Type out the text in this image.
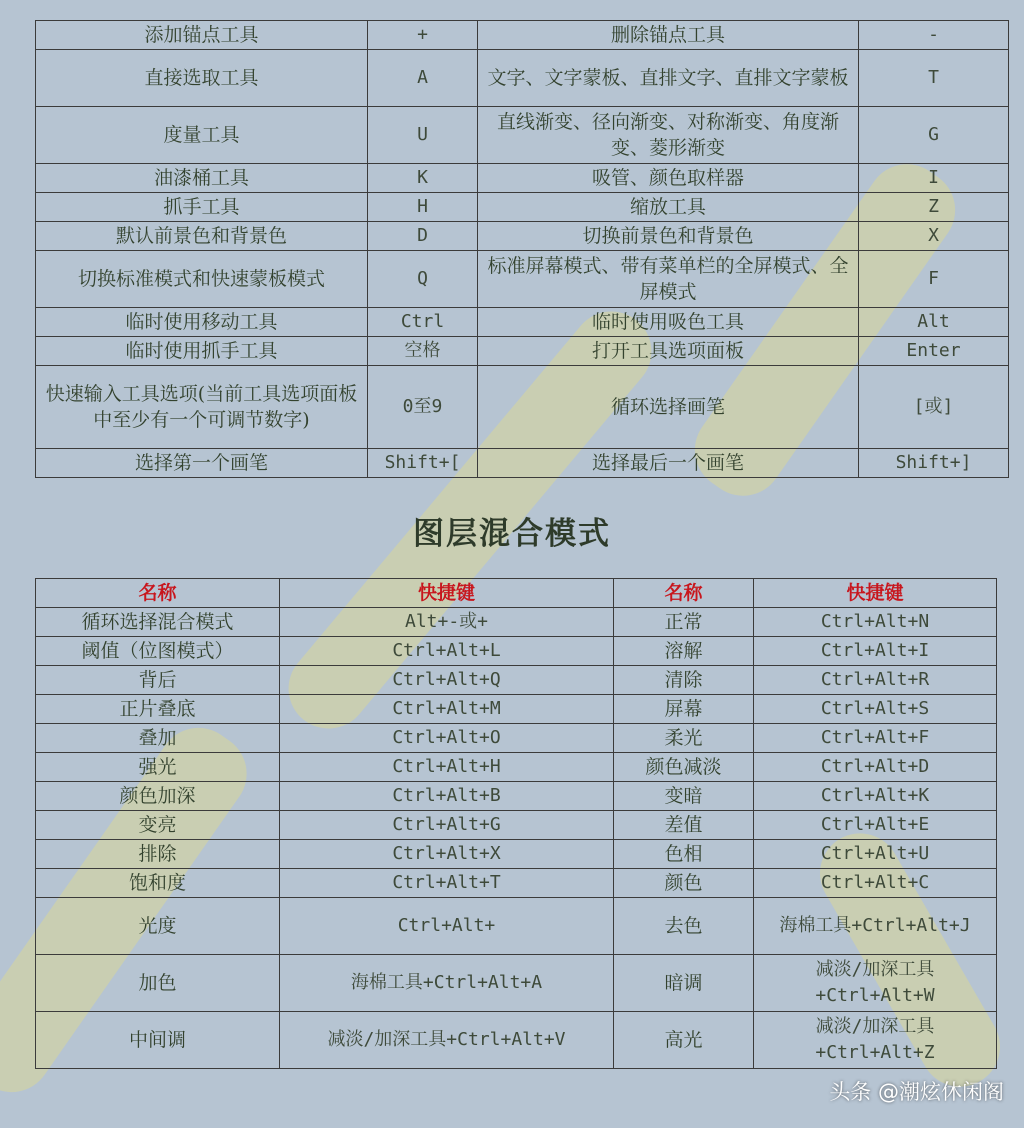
添加锚点工具	+	删除锚点工具	-
直接选取工具	A	文字、文字蒙板、直排文字、直排文字蒙板	T
度量工具	U	直线渐变、径向渐变、对称渐变、角度渐变、菱形渐变	G
油漆桶工具	K	吸管、颜色取样器	I
抓手工具	H	缩放工具	Z
默认前景色和背景色	D	切换前景色和背景色	X
切换标准模式和快速蒙板模式	Q	标准屏幕模式、带有菜单栏的全屏模式、全屏模式	F
临时使用移动工具	Ctrl	临时使用吸色工具	Alt
临时使用抓手工具	空格	打开工具选项面板	Enter
快速输入工具选项(当前工具选项面板中至少有一个可调节数字)	0至9	循环选择画笔	[或]
选择第一个画笔	Shift+[	选择最后一个画笔	Shift+]
图层混合模式
名称	快捷键	名称	快捷键
循环选择混合模式	Alt+-或+	正常	Ctrl+Alt+N
阈值（位图模式）	Ctrl+Alt+L	溶解	Ctrl+Alt+I
背后	Ctrl+Alt+Q	清除	Ctrl+Alt+R
正片叠底	Ctrl+Alt+M	屏幕	Ctrl+Alt+S
叠加	Ctrl+Alt+O	柔光	Ctrl+Alt+F
强光	Ctrl+Alt+H	颜色减淡	Ctrl+Alt+D
颜色加深	Ctrl+Alt+B	变暗	Ctrl+Alt+K
变亮	Ctrl+Alt+G	差值	Ctrl+Alt+E
排除	Ctrl+Alt+X	色相	Ctrl+Alt+U
饱和度	Ctrl+Alt+T	颜色	Ctrl+Alt+C
光度	Ctrl+Alt+	去色	海棉工具+Ctrl+Alt+J
加色	海棉工具+Ctrl+Alt+A	暗调	减淡/加深工具+Ctrl+Alt+W
中间调	减淡/加深工具+Ctrl+Alt+V	高光	减淡/加深工具+Ctrl+Alt+Z
头条 @潮炫休闲阁
